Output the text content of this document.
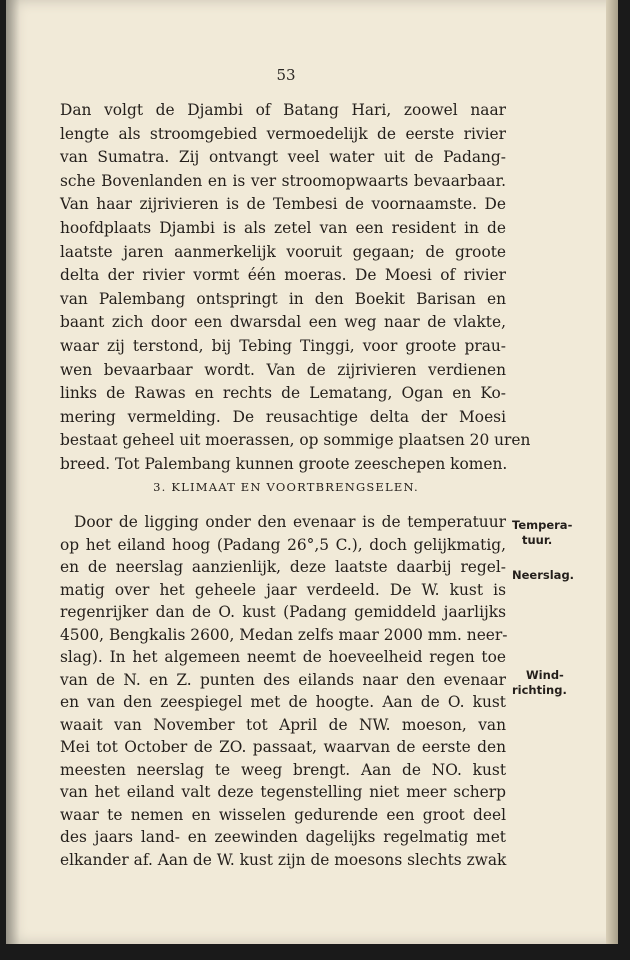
53
Dan volgt de Djambi of Batang Hari, zoowel naar
lengte als stroomgebied vermoedelijk de eerste rivier
van Sumatra. Zij ontvangt veel water uit de Padang-
sche Bovenlanden en is ver stroomopwaarts bevaarbaar.
Van haar zijrivieren is de Tembesi de voornaamste. De
hoofdplaats Djambi is als zetel van een resident in de
laatste jaren aanmerkelijk vooruit gegaan; de groote
delta der rivier vormt één moeras. De Moesi of rivier
van Palembang ontspringt in den Boekit Barisan en
baant zich door een dwarsdal een weg naar de vlakte,
waar zij terstond, bij Tebing Tinggi, voor groote prau-
wen bevaarbaar wordt. Van de zijrivieren verdienen
links de Rawas en rechts de Lematang, Ogan en Ko-
mering vermelding. De reusachtige delta der Moesi
bestaat geheel uit moerassen, op sommige plaatsen 20 uren
breed. Tot Palembang kunnen groote zeeschepen komen.
3. KLIMAAT EN VOORTBRENGSELEN.
Door de ligging onder den evenaar is de temperatuur
op het eiland hoog (Padang 26°,5 C.), doch gelijkmatig,
en de neerslag aanzienlijk, deze laatste daarbij regel-
matig over het geheele jaar verdeeld. De W. kust is
regenrijker dan de O. kust (Padang gemiddeld jaarlijks
4500, Bengkalis 2600, Medan zelfs maar 2000 mm. neer-
slag). In het algemeen neemt de hoeveelheid regen toe
van de N. en Z. punten des eilands naar den evenaar
en van den zeespiegel met de hoogte. Aan de O. kust
waait van November tot April de NW. moeson, van
Mei tot October de ZO. passaat, waarvan de eerste den
meesten neerslag te weeg brengt. Aan de NO. kust
van het eiland valt deze tegenstelling niet meer scherp
waar te nemen en wisselen gedurende een groot deel
des jaars land- en zeewinden dagelijks regelmatig met
elkander af. Aan de W. kust zijn de moesons slechts zwak
Tempera-
tuur.
Neerslag.
Wind-
richting.
